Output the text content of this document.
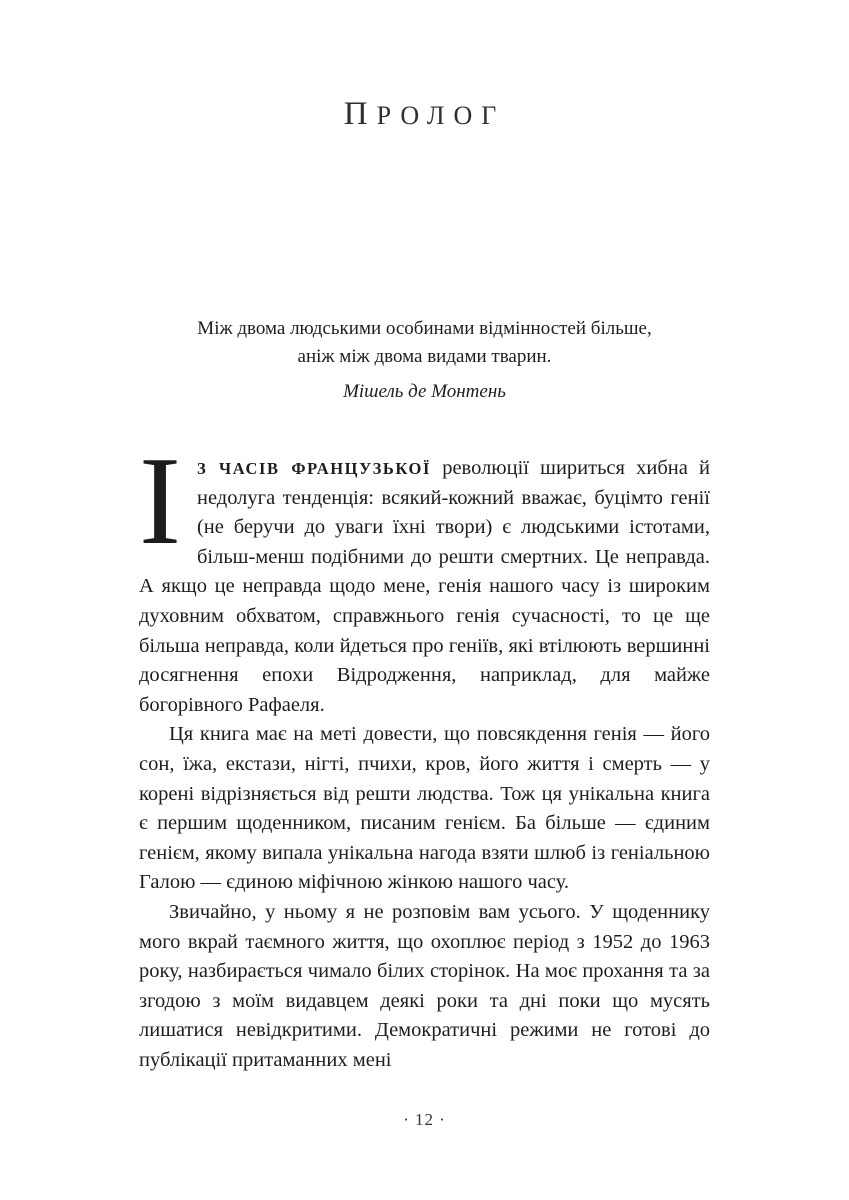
ПРОЛОГ

Між двома людськими особинами відмінностей більше,

аніж між двома видами тварин.

Мішель де Монтень

І З ЧАСІВ ФРАНЦУЗЬКОЇ революції шириться хибна й недолуга тенденція: всякий-кожний вважає, буцімто генії (не беручи до уваги їхні твори) є людськими істотами, більш-менш подібними до решти смертних. Це неправда. А якщо це неправда щодо мене, генія нашого часу із широким духовним обхватом, справжнього генія сучасності, то це ще більша неправда, коли йдеться про геніїв, які втілюють вершинні досягнення епохи Відродження, наприклад, для майже богорівного Рафаеля.

Ця книга має на меті довести, що повсякдення генія — його сон, їжа, екстази, нігті, пчихи, кров, його життя і смерть — у корені відрізняється від решти людства. Тож ця унікальна книга є першим щоденником, писаним генієм. Ба більше — єдиним генієм, якому випала унікальна нагода взяти шлюб із геніальною Галою — єдиною міфічною жінкою нашого часу.

Звичайно, у ньому я не розповім вам усього. У щоденнику мого вкрай таємного життя, що охоплює період з 1952 до 1963 року, назбирається чимало білих сторінок. На моє прохання та за згодою з моїм видавцем деякі роки та дні поки що мусять лишатися невідкритими. Демократичні режими не готові до публікації притаманних мені

· 12 ·
